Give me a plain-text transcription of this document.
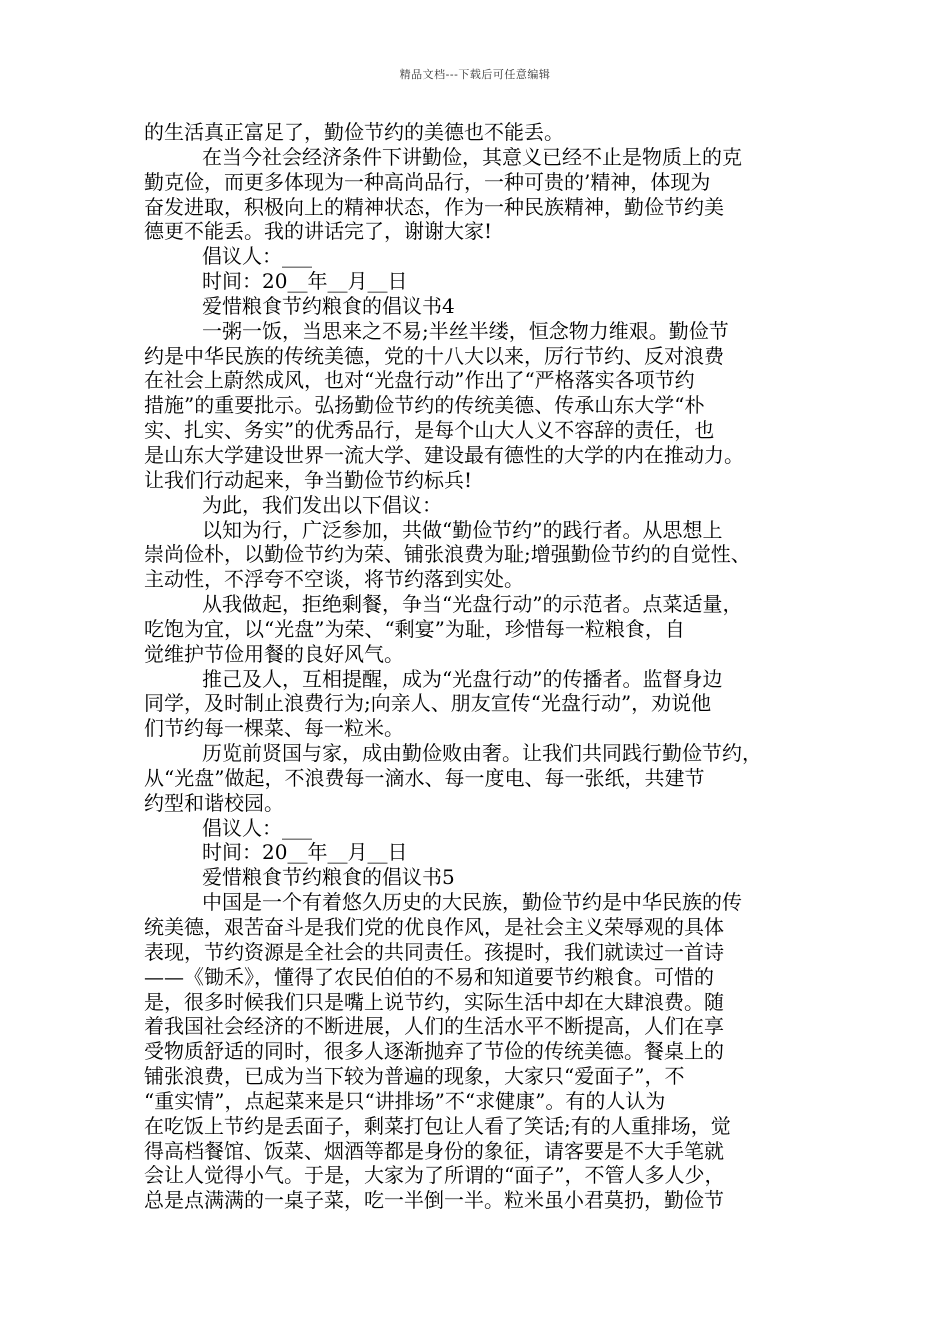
精品文档---下载后可任意编辑
的生活真正富足了，勤俭节约的美德也不能丢。
在当今社会经济条件下讲勤俭，其意义已经不止是物质上的克
勤克俭，而更多体现为一种高尚品行，一种可贵的’精神，体现为
奋发进取，积极向上的精神状态，作为一种民族精神，勤俭节约美
德更不能丢。我的讲话完了，谢谢大家!
倡议人：___
时间：20__年__月__日
爱惜粮食节约粮食的倡议书4
一粥一饭，当思来之不易;半丝半缕，恒念物力维艰。勤俭节
约是中华民族的传统美德，党的十八大以来，厉行节约、反对浪费
在社会上蔚然成风，也对“光盘行动”作出了“严格落实各项节约
措施”的重要批示。弘扬勤俭节约的传统美德、传承山东大学“朴
实、扎实、务实”的优秀品行，是每个山大人义不容辞的责任，也
是山东大学建设世界一流大学、建设最有德性的大学的内在推动力。
让我们行动起来，争当勤俭节约标兵!
为此，我们发出以下倡议：
以知为行，广泛参加，共做“勤俭节约”的践行者。从思想上
崇尚俭朴，以勤俭节约为荣、铺张浪费为耻;增强勤俭节约的自觉性、
主动性，不浮夸不空谈，将节约落到实处。
从我做起，拒绝剩餐，争当“光盘行动”的示范者。点菜适量，
吃饱为宜，以“光盘”为荣、“剩宴”为耻，珍惜每一粒粮食，自
觉维护节俭用餐的良好风气。
推己及人，互相提醒，成为“光盘行动”的传播者。监督身边
同学，及时制止浪费行为;向亲人、朋友宣传“光盘行动”，劝说他
们节约每一棵菜、每一粒米。
历览前贤国与家，成由勤俭败由奢。让我们共同践行勤俭节约，
从“光盘”做起，不浪费每一滴水、每一度电、每一张纸，共建节
约型和谐校园。
倡议人：___
时间：20__年__月__日
爱惜粮食节约粮食的倡议书5
中国是一个有着悠久历史的大民族，勤俭节约是中华民族的传
统美德，艰苦奋斗是我们党的优良作风，是社会主义荣辱观的具体
表现，节约资源是全社会的共同责任。孩提时，我们就读过一首诗
——《锄禾》，懂得了农民伯伯的不易和知道要节约粮食。可惜的
是，很多时候我们只是嘴上说节约，实际生活中却在大肆浪费。随
着我国社会经济的不断进展，人们的生活水平不断提高，人们在享
受物质舒适的同时，很多人逐渐抛弃了节俭的传统美德。餐桌上的
铺张浪费，已成为当下较为普遍的现象，大家只“爱面子”，不
“重实情”，点起菜来是只“讲排场”不“求健康”。有的人认为
在吃饭上节约是丢面子，剩菜打包让人看了笑话;有的人重排场，觉
得高档餐馆、饭菜、烟酒等都是身份的象征，请客要是不大手笔就
会让人觉得小气。于是，大家为了所谓的“面子”，不管人多人少，
总是点满满的一桌子菜，吃一半倒一半。粒米虽小君莫扔，勤俭节
